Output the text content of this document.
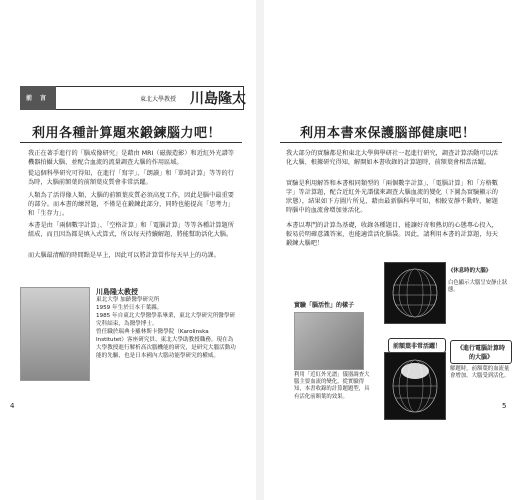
前 言	東北大學教授 川島隆太
利用各種計算題來鍛鍊腦力吧！
我正在著手進行的「腦成像研究」是藉由 MRI（磁振造影）和近紅外光譜等機器拍攝大腦，並配合血流的流量調查大腦的作用區域。
從這個科學研究可得知，在進行「寫字」、「朗讀」和「單純計算」等等的行為時，大腦前額葉的前額葉皮質會非常活躍。
人類為了活得像人類，大腦的前額葉皮質必須高度工作，因此是腦中最重要的部分。而本書的練習題，不僅是在鍛鍊此部分，同時也能提高「思考力」和「生存力」。
本書是由「兩個數字計算」、「空格計算」和「電腦計算」等等各種計算題所組成，而且因為都是填入式算式，所以每天持續解題，將能幫助活化大腦。
而大腦最清醒的時間點是早上，因此可以將計算當作每天早上的功課。
川島隆太教授
東北大學 加齡醫學研究所
1959 年生於日本千葉縣。
1985 年自東北大學醫學系畢業，東北大學研究所醫學研究科結束，為醫學博士。
曾任職於瑞典卡羅林斯卡醫學院（Karolinska Institutet）客座研究員、東北大學助教授職務。現在為大學教授進行解析高次腦機能的研究，是研究大腦活動功能的先驅，也是日本國內大腦功能學研究的權威。
4
利用本書來保護腦部健康吧！
我大部分的實驗都是和東北大學與學研社一起進行研究，調查計算活動可以活化大腦、根據研究得知，解開如本書收錄的計算題時，前額葉會相當活躍。
實驗是利用解答和本書相同類型的「兩個數字計算」、「電腦計算」和「方格數字」等計算題，配合近紅外光譜儀來調查大腦血流的變化（下圖為實驗顯示的狀態），結果如下方圖片所見，藉由最新腦科學可知，相較安靜不動時，解題時腦中的血流會增加並活化。
本書以專門的計算為基礎，收錄各種題目，能讓好奇和熱切的心態專心投入，較易於明確意識答案，也能適當活化腦袋。因此，請利用本書的計算題，每天鍛鍊大腦吧！
實驗「腦活性」的樣子
利用「近紅外光譜」儀器調查大腦主要血流的變化，從實驗得知，本書收錄的計算題題型，具有活化前額葉的效果。
《休息時的大腦》
白色顯示大腦呈安靜止狀態。
前額葉非常活躍！	《進行電腦計算時的大腦》
解題時，前額葉的血流量會增加，大腦受到活化。
5
